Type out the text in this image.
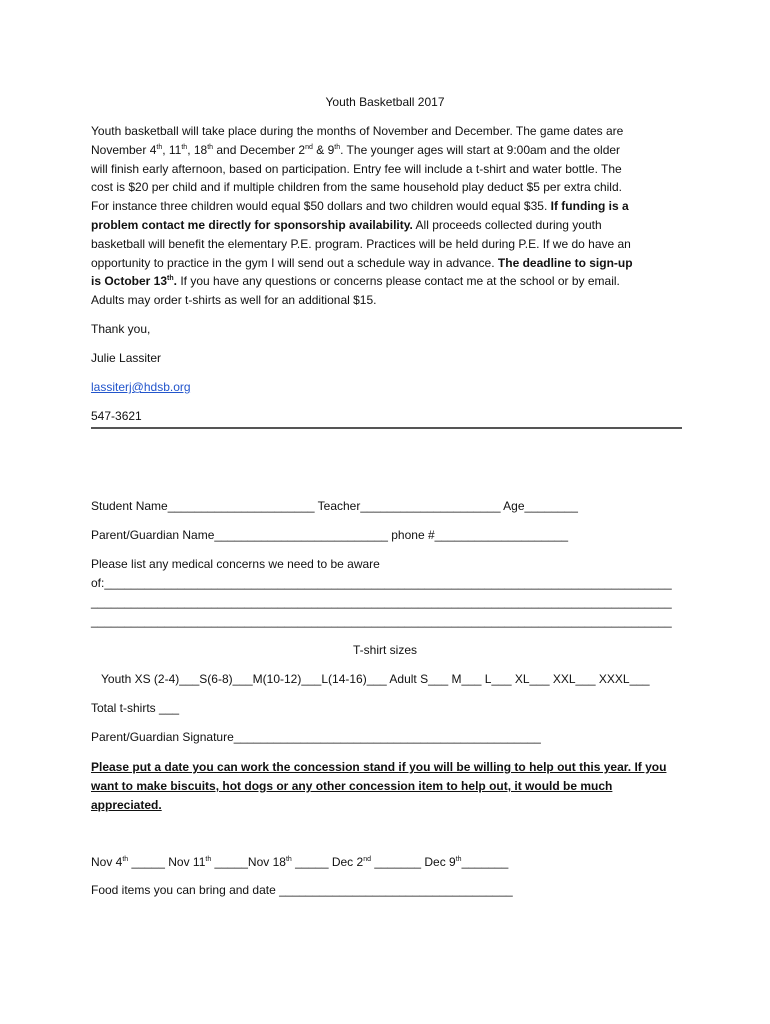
Youth Basketball 2017
Youth basketball will take place during the months of November and December. The game dates are
November 4th, 11th, 18th and December 2nd & 9th. The younger ages will start at 9:00am and the older
will finish early afternoon, based on participation. Entry fee will include a t-shirt and water bottle. The
cost is $20 per child and if multiple children from the same household play deduct $5 per extra child.
For instance three children would equal $50 dollars and two children would equal $35. If funding is a
problem contact me directly for sponsorship availability. All proceeds collected during youth
basketball will benefit the elementary P.E. program. Practices will be held during P.E. If we do have an
opportunity to practice in the gym I will send out a schedule way in advance. The deadline to sign-up
is October 13th. If you have any questions or concerns please contact me at the school or by email.
Adults may order t-shirts as well for an additional $15.
Thank you,
Julie Lassiter
lassiterj@hdsb.org
547-3621
Student Name______________________ Teacher_____________________ Age________
Parent/Guardian Name__________________________ phone #____________________
Please list any medical concerns we need to be aware
of:_____________________________________________________________________________________
_______________________________________________________________________________________
_______________________________________________________________________________________
T-shirt sizes
Youth XS (2-4)___S(6-8)___M(10-12)___L(14-16)___ Adult S___ M___ L___ XL___ XXL___ XXXL___
Total t-shirts ___
Parent/Guardian Signature______________________________________________
Please put a date you can work the concession stand if you will be willing to help out this year. If you want to make biscuits, hot dogs or any other concession item to help out, it would be much appreciated.
Nov 4th _____ Nov 11th _____Nov 18th _____ Dec 2nd _______ Dec 9th_______
Food items you can bring and date ___________________________________
